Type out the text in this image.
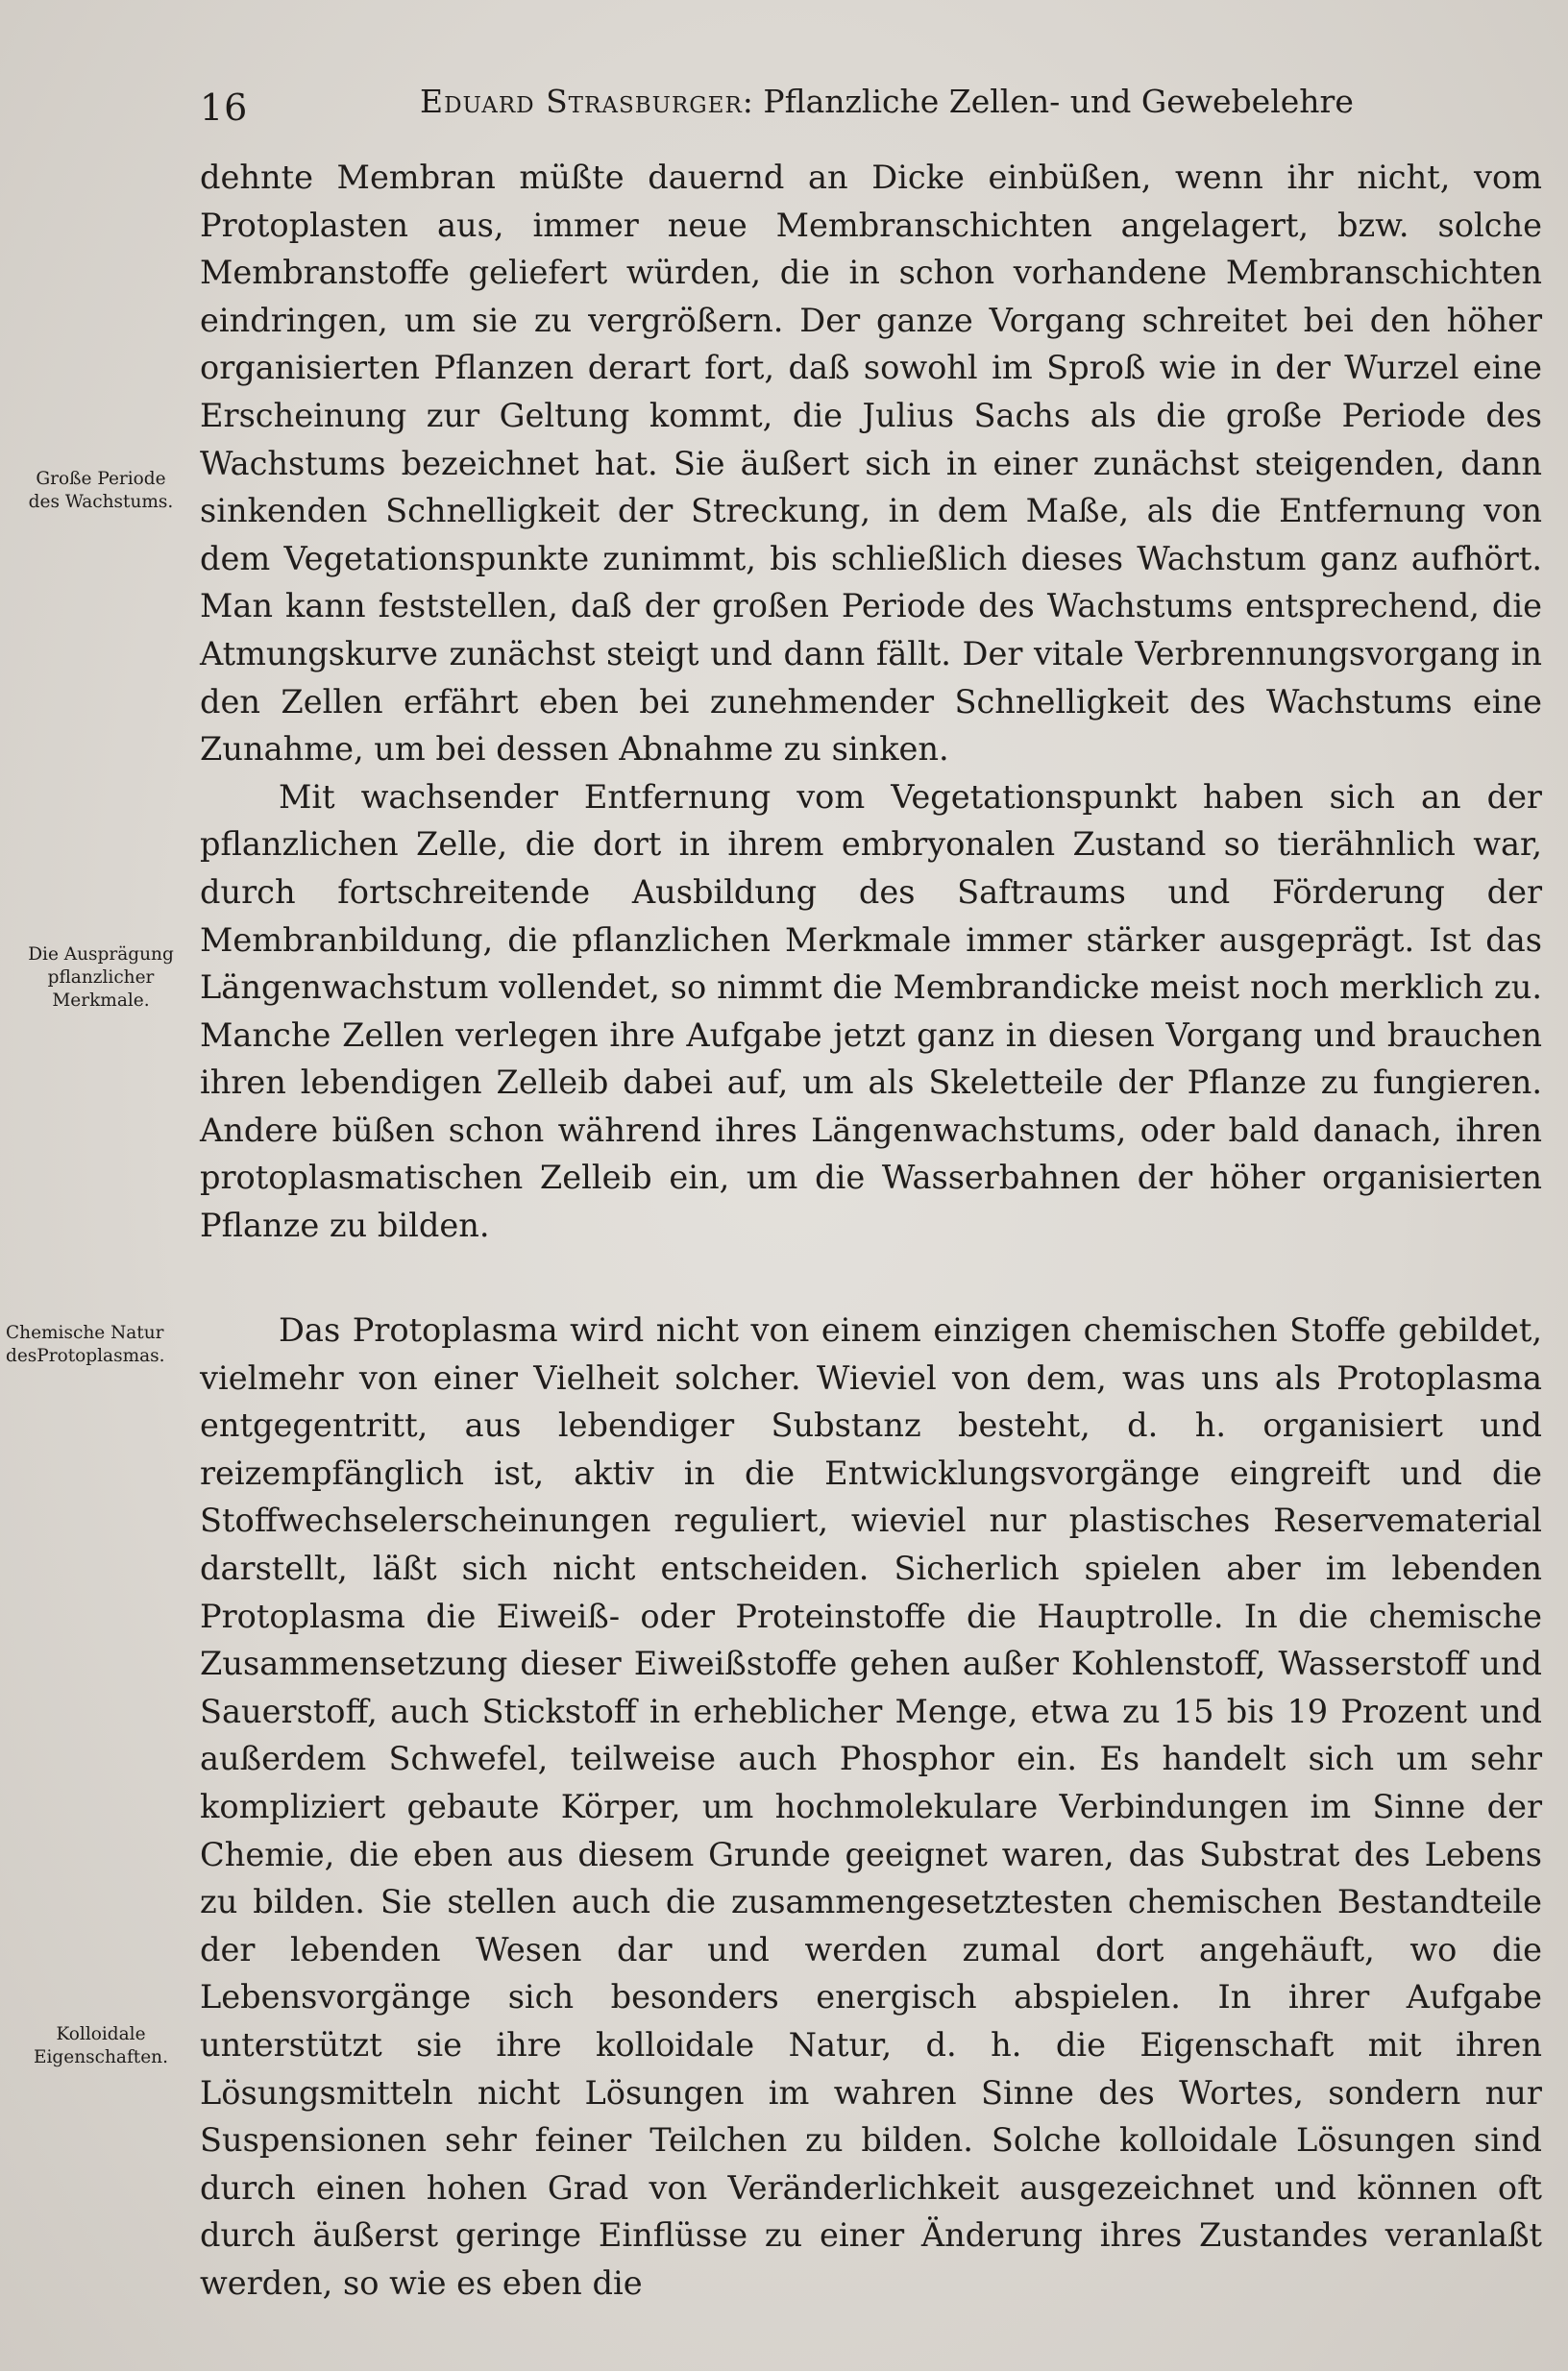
16	Eduard Strasburger: Pflanzliche Zellen- und Gewebelehre
Große Periode
des Wachstums.
Die Ausprägung
pflanzlicher
Merkmale.
Chemische Natur
desProtoplasmas.
Kolloidale
Eigenschaften.

dehnte Membran müßte dauernd an Dicke einbüßen, wenn ihr nicht, vom Protoplasten aus, immer neue Membranschichten angelagert, bzw. solche Membranstoffe geliefert würden, die in schon vorhandene Membranschichten eindringen, um sie zu vergrößern. Der ganze Vorgang schreitet bei den höher organisierten Pflanzen derart fort, daß sowohl im Sproß wie in der Wurzel eine Erscheinung zur Geltung kommt, die Julius Sachs als die große Periode des Wachstums bezeichnet hat. Sie äußert sich in einer zunächst steigenden, dann sinkenden Schnelligkeit der Streckung, in dem Maße, als die Entfernung von dem Vegetationspunkte zunimmt, bis schließlich dieses Wachstum ganz aufhört. Man kann feststellen, daß der großen Periode des Wachstums entsprechend, die Atmungskurve zunächst steigt und dann fällt. Der vitale Verbrennungsvorgang in den Zellen erfährt eben bei zunehmender Schnelligkeit des Wachstums eine Zunahme, um bei dessen Abnahme zu sinken.

Mit wachsender Entfernung vom Vegetationspunkt haben sich an der pflanzlichen Zelle, die dort in ihrem embryonalen Zustand so tierähnlich war, durch fortschreitende Ausbildung des Saftraums und Förderung der Membranbildung, die pflanzlichen Merkmale immer stärker ausgeprägt. Ist das Längenwachstum vollendet, so nimmt die Membrandicke meist noch merklich zu. Manche Zellen verlegen ihre Aufgabe jetzt ganz in diesen Vorgang und brauchen ihren lebendigen Zelleib dabei auf, um als Skeletteile der Pflanze zu fungieren. Andere büßen schon während ihres Längenwachstums, oder bald danach, ihren protoplasmatischen Zelleib ein, um die Wasserbahnen der höher organisierten Pflanze zu bilden.

Das Protoplasma wird nicht von einem einzigen chemischen Stoffe gebildet, vielmehr von einer Vielheit solcher. Wieviel von dem, was uns als Protoplasma entgegentritt, aus lebendiger Substanz besteht, d. h. organisiert und reizempfänglich ist, aktiv in die Entwicklungsvorgänge eingreift und die Stoffwechselerscheinungen reguliert, wieviel nur plastisches Reservematerial darstellt, läßt sich nicht entscheiden. Sicherlich spielen aber im lebenden Protoplasma die Eiweiß- oder Proteinstoffe die Hauptrolle. In die chemische Zusammensetzung dieser Eiweißstoffe gehen außer Kohlenstoff, Wasserstoff und Sauerstoff, auch Stickstoff in erheblicher Menge, etwa zu 15 bis 19 Prozent und außerdem Schwefel, teilweise auch Phosphor ein. Es handelt sich um sehr kompliziert gebaute Körper, um hochmolekulare Verbindungen im Sinne der Chemie, die eben aus diesem Grunde geeignet waren, das Substrat des Lebens zu bilden. Sie stellen auch die zusammengesetztesten chemischen Bestandteile der lebenden Wesen dar und werden zumal dort angehäuft, wo die Lebensvorgänge sich besonders energisch abspielen. In ihrer Aufgabe unterstützt sie ihre kolloidale Natur, d. h. die Eigenschaft mit ihren Lösungsmitteln nicht Lösungen im wahren Sinne des Wortes, sondern nur Suspensionen sehr feiner Teilchen zu bilden. Solche kolloidale Lösungen sind durch einen hohen Grad von Veränderlichkeit ausgezeichnet und können oft durch äußerst geringe Einflüsse zu einer Änderung ihres Zustandes veranlaßt werden, so wie es eben die
